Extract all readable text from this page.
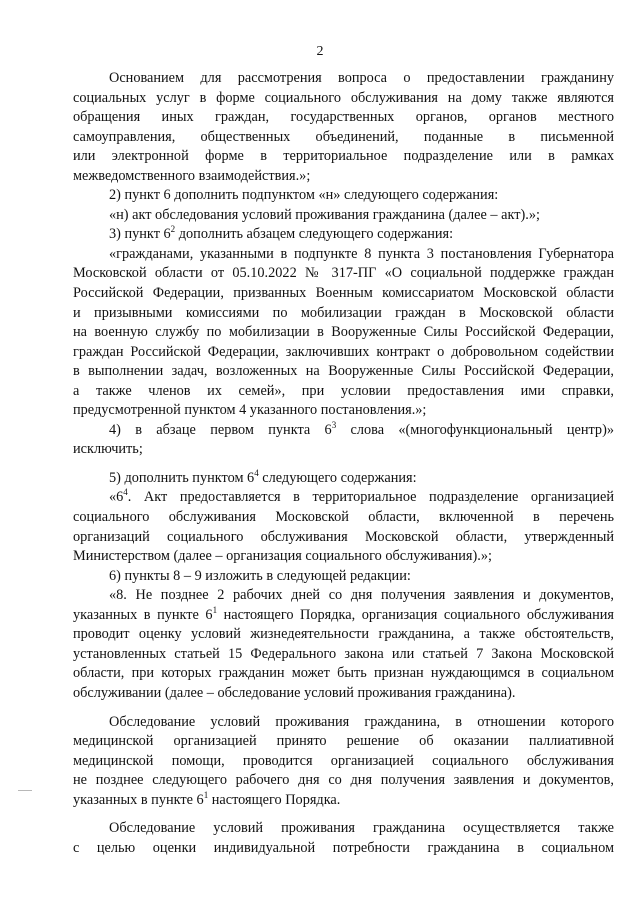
2
Основанием для рассмотрения вопроса о предоставлении гражданину
социальных услуг в форме социального обслуживания на дому также являются
обращения иных граждан, государственных органов, органов местного
самоуправления, общественных объединений, поданные в письменной
или электронной форме в территориальное подразделение или в рамках
межведомственного взаимодействия.»;
2) пункт 6 дополнить подпунктом «н» следующего содержания:
«н) акт обследования условий проживания гражданина (далее – акт).»;
3) пункт $6^2$ дополнить абзацем следующего содержания:
«гражданами, указанными в подпункте 8 пункта 3 постановления Губернатора
Московской области от 05.10.2022 № 317-ПГ «О социальной поддержке граждан
Российской Федерации, призванных Военным комиссариатом Московской области
и призывными комиссиями по мобилизации граждан в Московской области
на военную службу по мобилизации в Вооруженные Силы Российской Федерации,
граждан Российской Федерации, заключивших контракт о добровольном содействии
в выполнении задач, возложенных на Вооруженные Силы Российской Федерации,
а также членов их семей», при условии предоставления ими справки,
предусмотренной пунктом 4 указанного постановления.»;
4) в абзаце первом пункта $6^3$ слова «(многофункциональный центр)»
исключить;
5) дополнить пунктом $6^4$ следующего содержания:
«$6^4$. Акт предоставляется в территориальное подразделение организацией
социального обслуживания Московской области, включенной в перечень
организаций социального обслуживания Московской области, утвержденный
Министерством (далее – организация социального обслуживания).»;
6) пункты 8 – 9 изложить в следующей редакции:
«8. Не позднее 2 рабочих дней со дня получения заявления и документов,
указанных в пункте $6^1$ настоящего Порядка, организация социального обслуживания
проводит оценку условий жизнедеятельности гражданина, а также обстоятельств,
установленных статьей 15 Федерального закона или статьей 7 Закона Московской
области, при которых гражданин может быть признан нуждающимся в социальном
обслуживании (далее – обследование условий проживания гражданина).
Обследование условий проживания гражданина, в отношении которого
медицинской организацией принято решение об оказании паллиативной
медицинской помощи, проводится организацией социального обслуживания
не позднее следующего рабочего дня со дня получения заявления и документов,
указанных в пункте $6^1$ настоящего Порядка.
Обследование условий проживания гражданина осуществляется также
с целью оценки индивидуальной потребности гражданина в социальном
